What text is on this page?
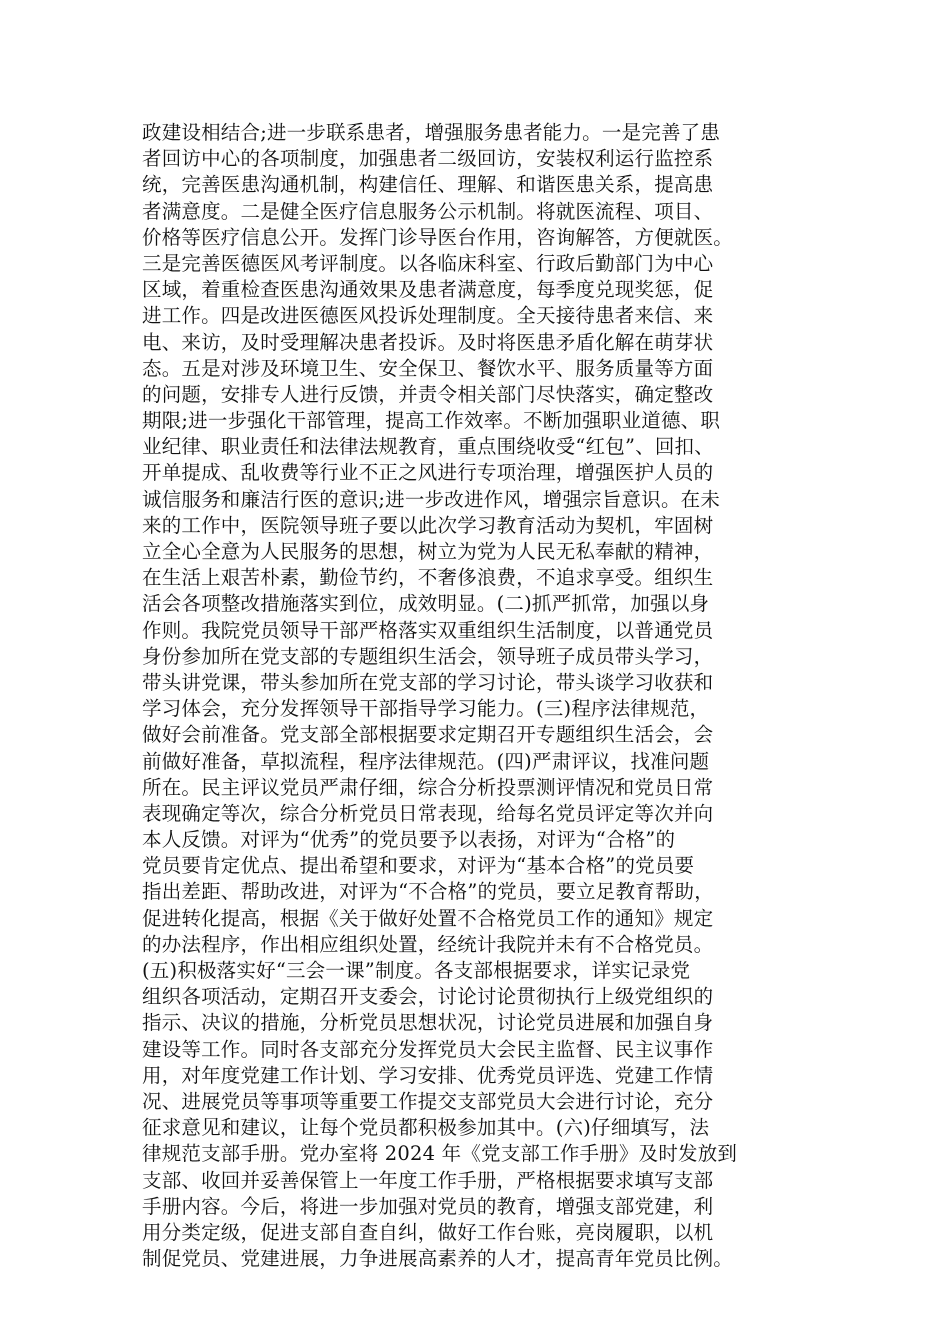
政建设相结合;进一步联系患者，增强服务患者能力。一是完善了患
者回访中心的各项制度，加强患者二级回访，安装权利运行监控系
统，完善医患沟通机制，构建信任、理解、和谐医患关系，提高患
者满意度。二是健全医疗信息服务公示机制。将就医流程、项目、
价格等医疗信息公开。发挥门诊导医台作用，咨询解答，方便就医。
三是完善医德医风考评制度。以各临床科室、行政后勤部门为中心
区域，着重检查医患沟通效果及患者满意度，每季度兑现奖惩，促
进工作。四是改进医德医风投诉处理制度。全天接待患者来信、来
电、来访，及时受理解决患者投诉。及时将医患矛盾化解在萌芽状
态。五是对涉及环境卫生、安全保卫、餐饮水平、服务质量等方面
的问题，安排专人进行反馈，并责令相关部门尽快落实，确定整改
期限;进一步强化干部管理，提高工作效率。不断加强职业道德、职
业纪律、职业责任和法律法规教育，重点围绕收受“红包”、回扣、
开单提成、乱收费等行业不正之风进行专项治理，增强医护人员的
诚信服务和廉洁行医的意识;进一步改进作风，增强宗旨意识。在未
来的工作中，医院领导班子要以此次学习教育活动为契机，牢固树
立全心全意为人民服务的思想，树立为党为人民无私奉献的精神，
在生活上艰苦朴素，勤俭节约，不奢侈浪费，不追求享受。组织生
活会各项整改措施落实到位，成效明显。(二)抓严抓常，加强以身
作则。我院党员领导干部严格落实双重组织生活制度，以普通党员
身份参加所在党支部的专题组织生活会，领导班子成员带头学习，
带头讲党课，带头参加所在党支部的学习讨论，带头谈学习收获和
学习体会，充分发挥领导干部指导学习能力。(三)程序法律规范，
做好会前准备。党支部全部根据要求定期召开专题组织生活会，会
前做好准备，草拟流程，程序法律规范。(四)严肃评议，找准问题
所在。民主评议党员严肃仔细，综合分析投票测评情况和党员日常
表现确定等次，综合分析党员日常表现，给每名党员评定等次并向
本人反馈。对评为“优秀”的党员要予以表扬，对评为“合格”的
党员要肯定优点、提出希望和要求，对评为“基本合格”的党员要
指出差距、帮助改进，对评为“不合格”的党员，要立足教育帮助，
促进转化提高，根据《关于做好处置不合格党员工作的通知》规定
的办法程序，作出相应组织处置，经统计我院并未有不合格党员。
(五)积极落实好“三会一课”制度。各支部根据要求，详实记录党
组织各项活动，定期召开支委会，讨论讨论贯彻执行上级党组织的
指示、决议的措施，分析党员思想状况，讨论党员进展和加强自身
建设等工作。同时各支部充分发挥党员大会民主监督、民主议事作
用，对年度党建工作计划、学习安排、优秀党员评选、党建工作情
况、进展党员等事项等重要工作提交支部党员大会进行讨论，充分
征求意见和建议，让每个党员都积极参加其中。(六)仔细填写，法
律规范支部手册。党办室将 2024 年《党支部工作手册》及时发放到
支部、收回并妥善保管上一年度工作手册，严格根据要求填写支部
手册内容。今后，将进一步加强对党员的教育，增强支部党建，利
用分类定级，促进支部自查自纠，做好工作台账，亮岗履职，以机
制促党员、党建进展，力争进展高素养的人才，提高青年党员比例。
